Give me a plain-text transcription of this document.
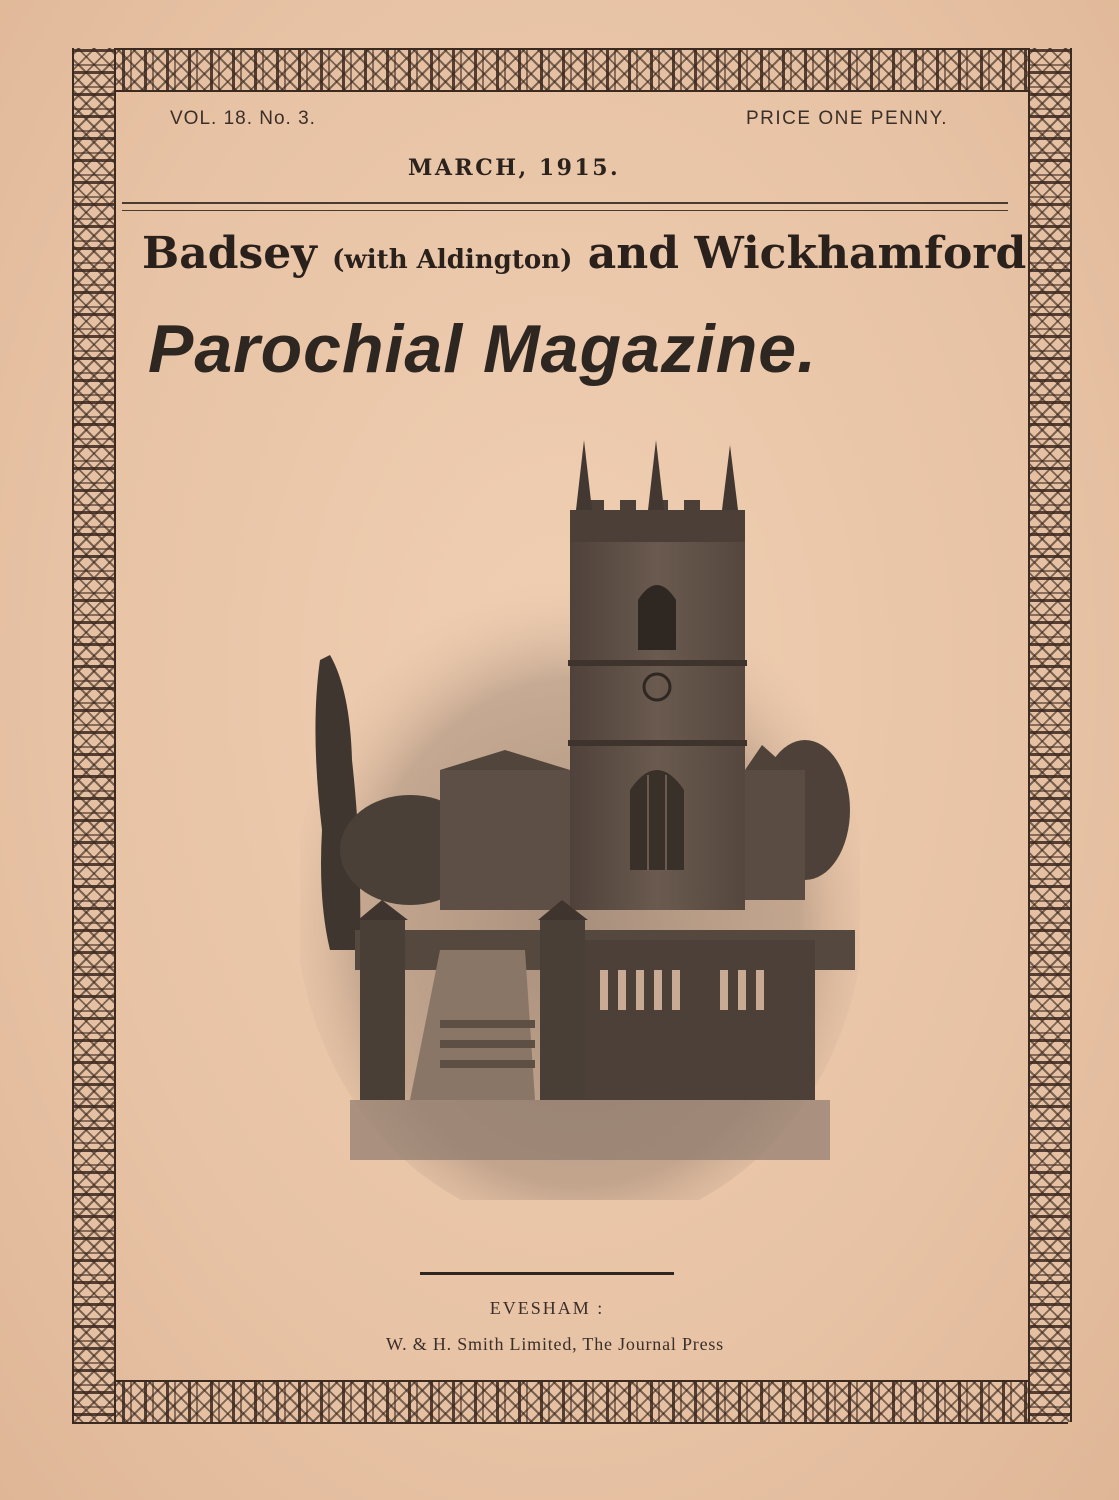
VOL. 18. No. 3.	PRICE ONE PENNY.
MARCH, 1915.
Badsey (with Aldington) and Wickhamford
Parochial Magazine.
EVESHAM :
W. & H. Smith Limited, The Journal Press
